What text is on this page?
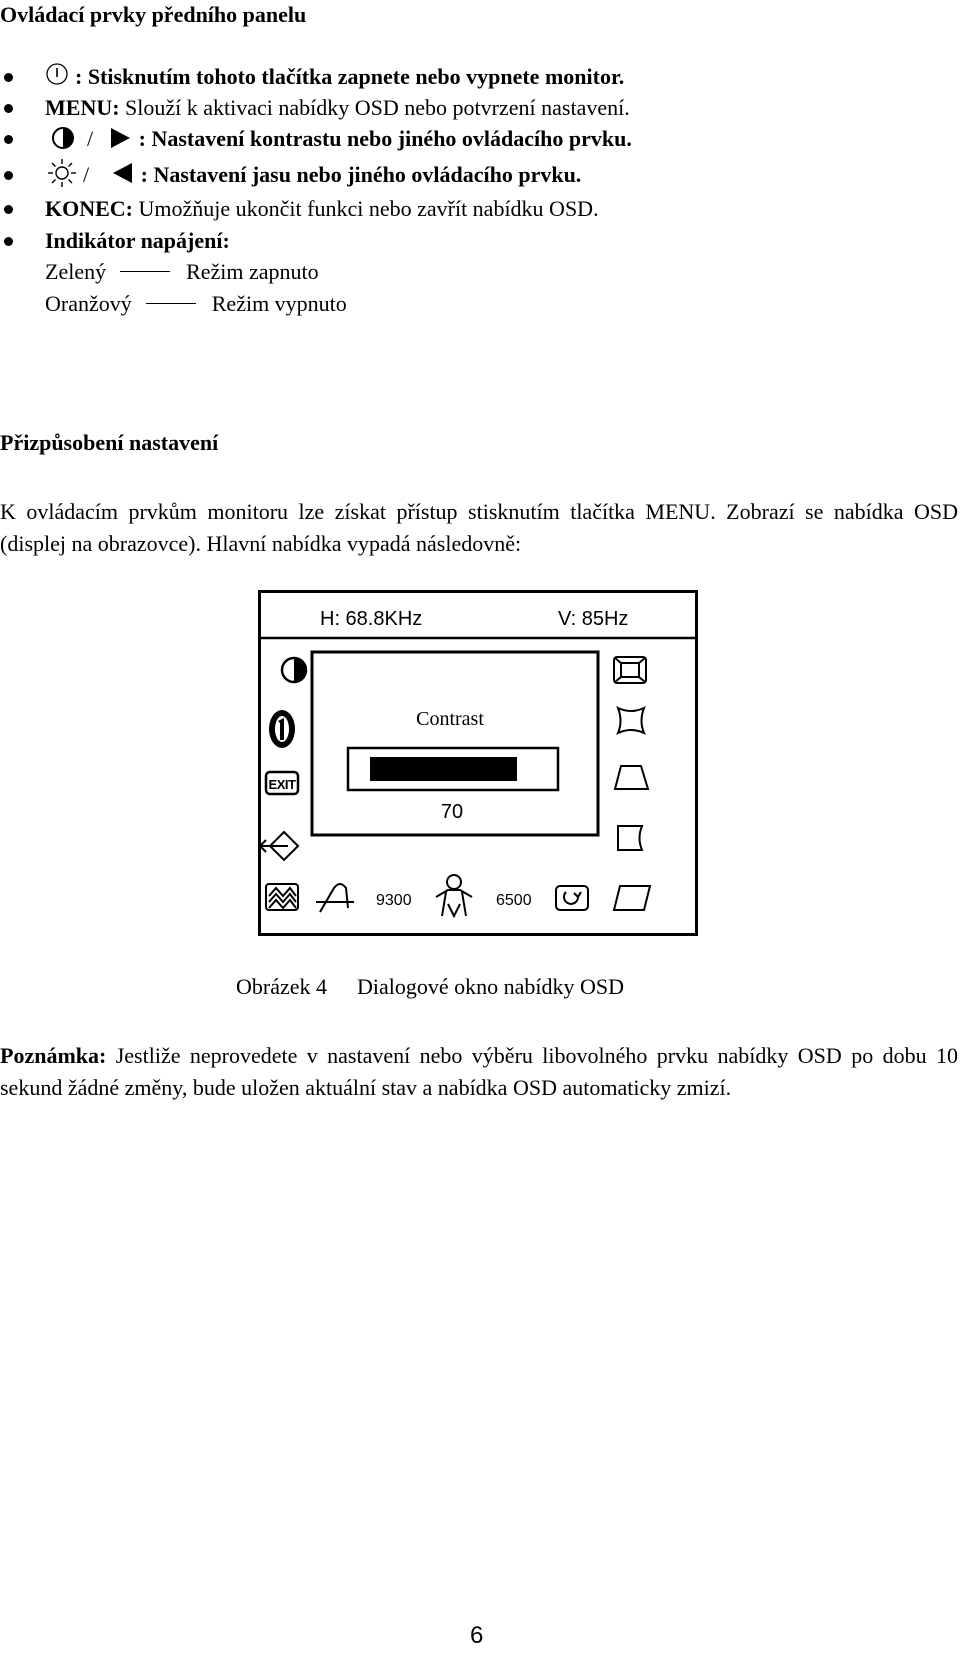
Ovládací prvky předního panelu
: Stisknutím tohoto tlačítka zapnete nebo vypnete monitor.
MENU: Slouží k aktivaci nabídky OSD nebo potvrzení nastavení.
/ : Nastavení kontrastu nebo jiného ovládacího prvku.
/ : Nastavení jasu nebo jiného ovládacího prvku.
KONEC: Umožňuje ukončit funkci nebo zavřít nabídku OSD.
Indikátor napájení:
Zelený	Režim zapnuto
Oranžový	Režim vypnuto
Přizpůsobení nastavení
K ovládacím prvkům monitoru lze získat přístup stisknutím tlačítka MENU. Zobrazí se nabídka OSD (displej na obrazovce). Hlavní nabídka vypadá následovně:
H: 68.8KHz	V: 85Hz
EXIT
Contrast
70
9300	6500
Obrázek 4 Dialogové okno nabídky OSD
Poznámka: Jestliže neprovedete v nastavení nebo výběru libovolného prvku nabídky OSD po dobu 10 sekund žádné změny, bude uložen aktuální stav a nabídka OSD automaticky zmizí.
6
